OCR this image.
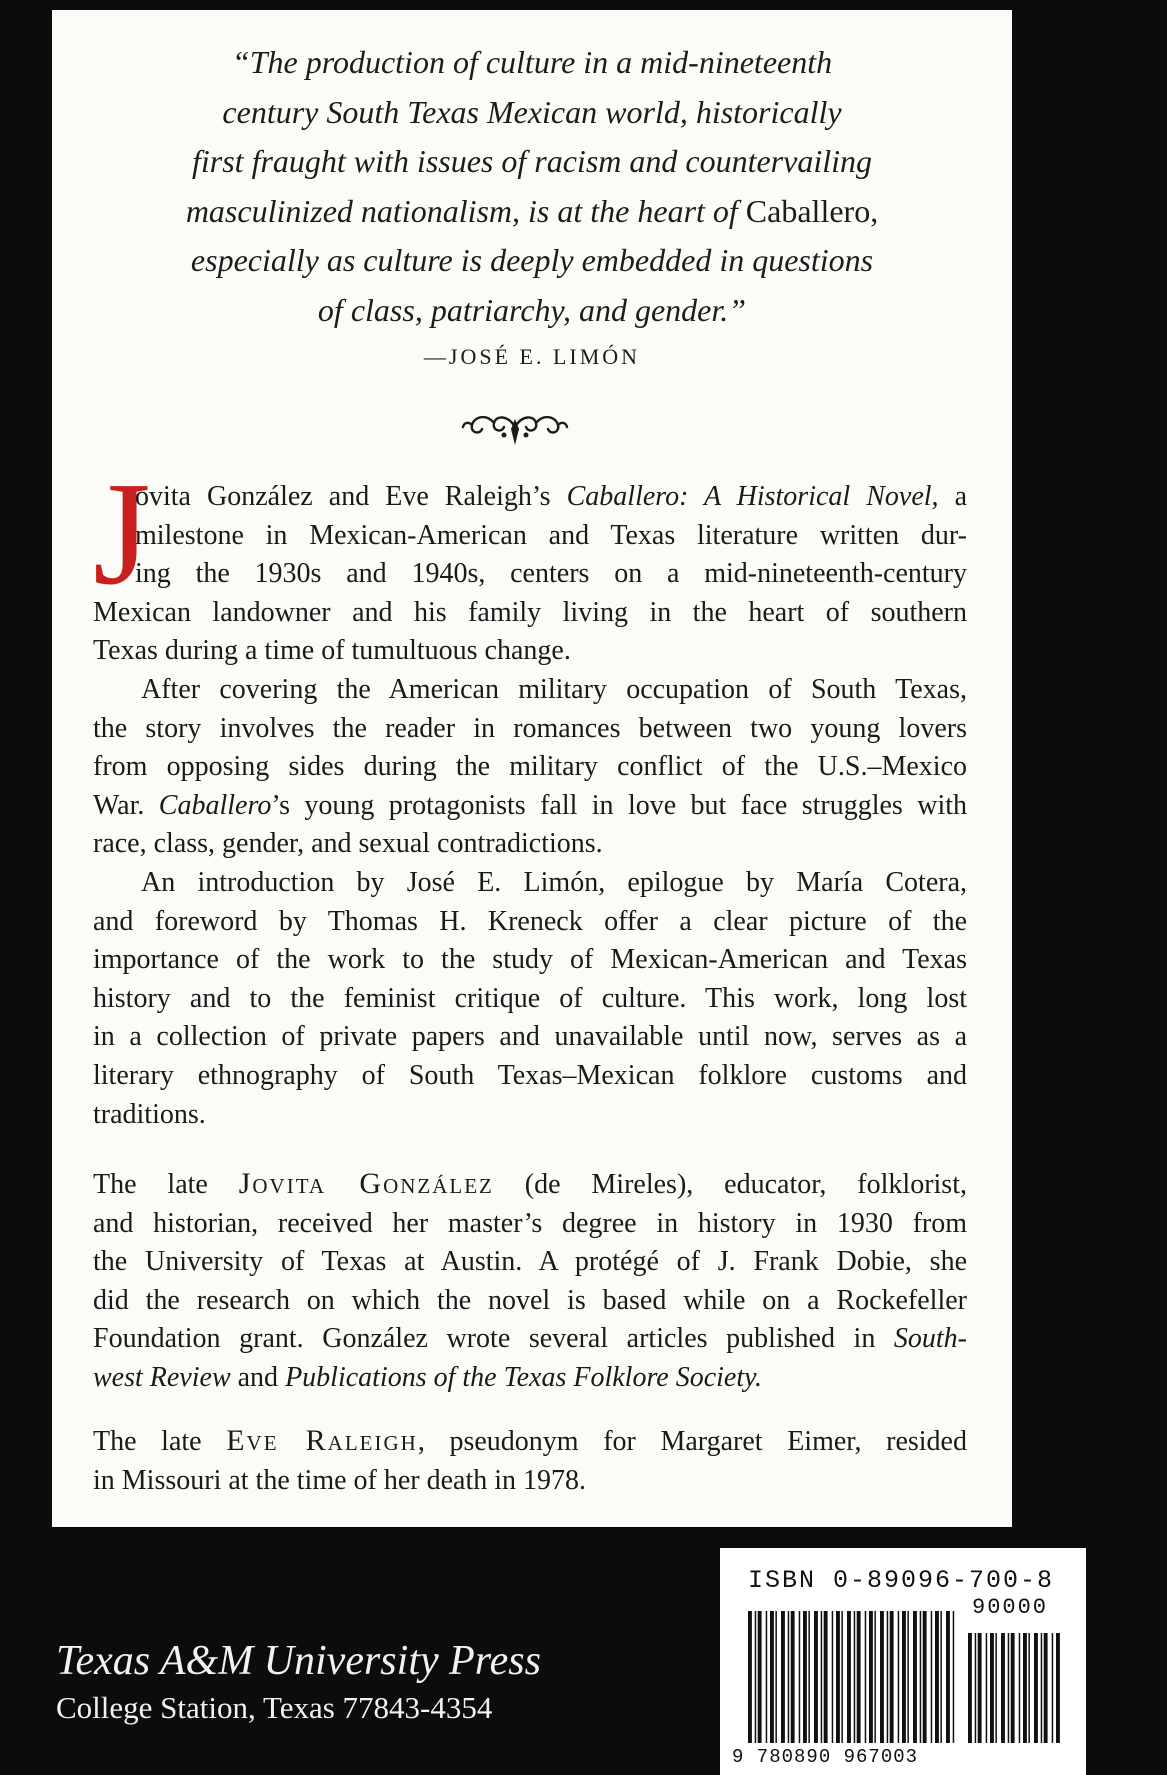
“The production of culture in a mid-nineteenth
century South Texas Mexican world, historically
first fraught with issues of racism and countervailing
masculinized nationalism, is at the heart of Caballero,
especially as culture is deeply embedded in questions
of class, patriarchy, and gender.”
—JOSÉ E. LIMÓN
J
ovita González and Eve Raleigh’s Caballero: A Historical Novel, a
milestone in Mexican-American and Texas literature written dur-
ing the 1930s and 1940s, centers on a mid-nineteenth-century
Mexican landowner and his family living in the heart of southern
Texas during a time of tumultuous change.
After covering the American military occupation of South Texas,
the story involves the reader in romances between two young lovers
from opposing sides during the military conflict of the U.S.–Mexico
War. Caballero’s young protagonists fall in love but face struggles with
race, class, gender, and sexual contradictions.
An introduction by José E. Limón, epilogue by María Cotera,
and foreword by Thomas H. Kreneck offer a clear picture of the
importance of the work to the study of Mexican-American and Texas
history and to the feminist critique of culture. This work, long lost
in a collection of private papers and unavailable until now, serves as a
literary ethnography of South Texas–Mexican folklore customs and
traditions.
The late Jovita González (de Mireles), educator, folklorist,
and historian, received her master’s degree in history in 1930 from
the University of Texas at Austin. A protégé of J. Frank Dobie, she
did the research on which the novel is based while on a Rockefeller
Foundation grant. González wrote several articles published in South-
west Review and Publications of the Texas Folklore Society.
The late Eve Raleigh, pseudonym for Margaret Eimer, resided
in Missouri at the time of her death in 1978.
Texas A&M University Press
College Station, Texas 77843-4354
ISBN 0-89096-700-8
90000
9 780890 967003
